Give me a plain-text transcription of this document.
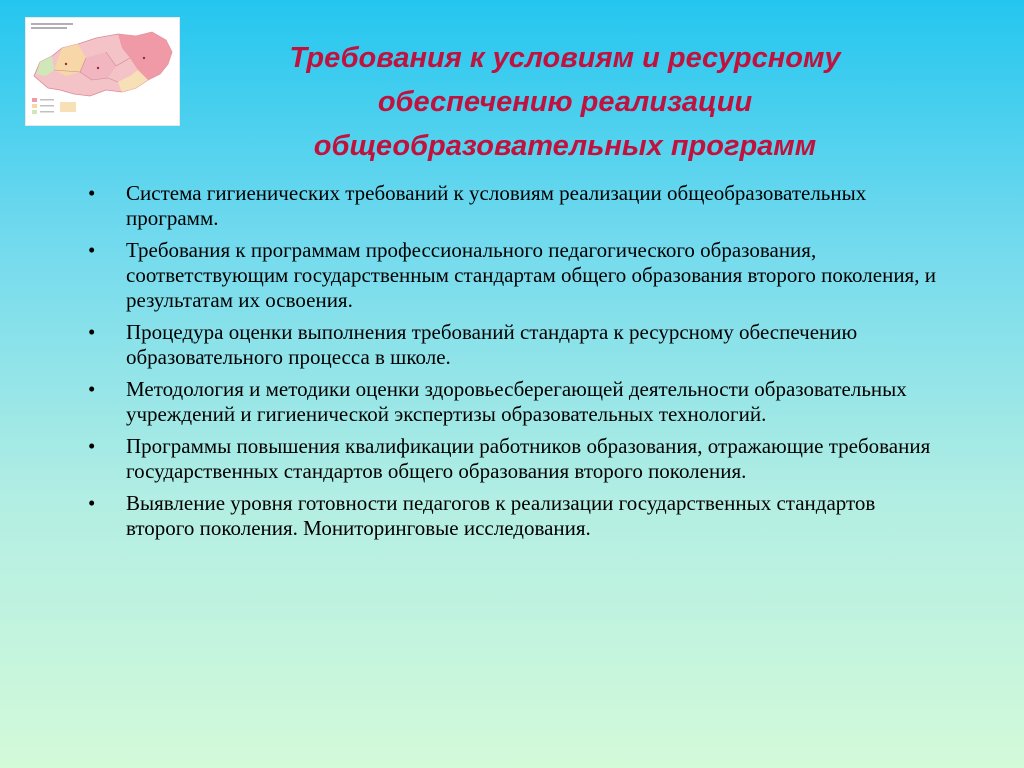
Требования к условиям и ресурсному обеспечению реализации общеобразовательных программ
• Система гигиенических требований к условиям реализации общеобразовательных программ.
• Требования к программам профессионального педагогического образования, соответствующим государственным стандартам общего образования второго поколения, и результатам их освоения.
• Процедура оценки выполнения требований стандарта к ресурсному обеспечению образовательного процесса в школе.
• Методология и методики оценки здоровьесберегающей деятельности образовательных учреждений и гигиенической экспертизы образовательных технологий.
• Программы повышения квалификации работников образования, отражающие требования государственных стандартов общего образования второго поколения.
• Выявление уровня готовности педагогов к реализации государственных стандартов второго поколения. Мониторинговые исследования.
